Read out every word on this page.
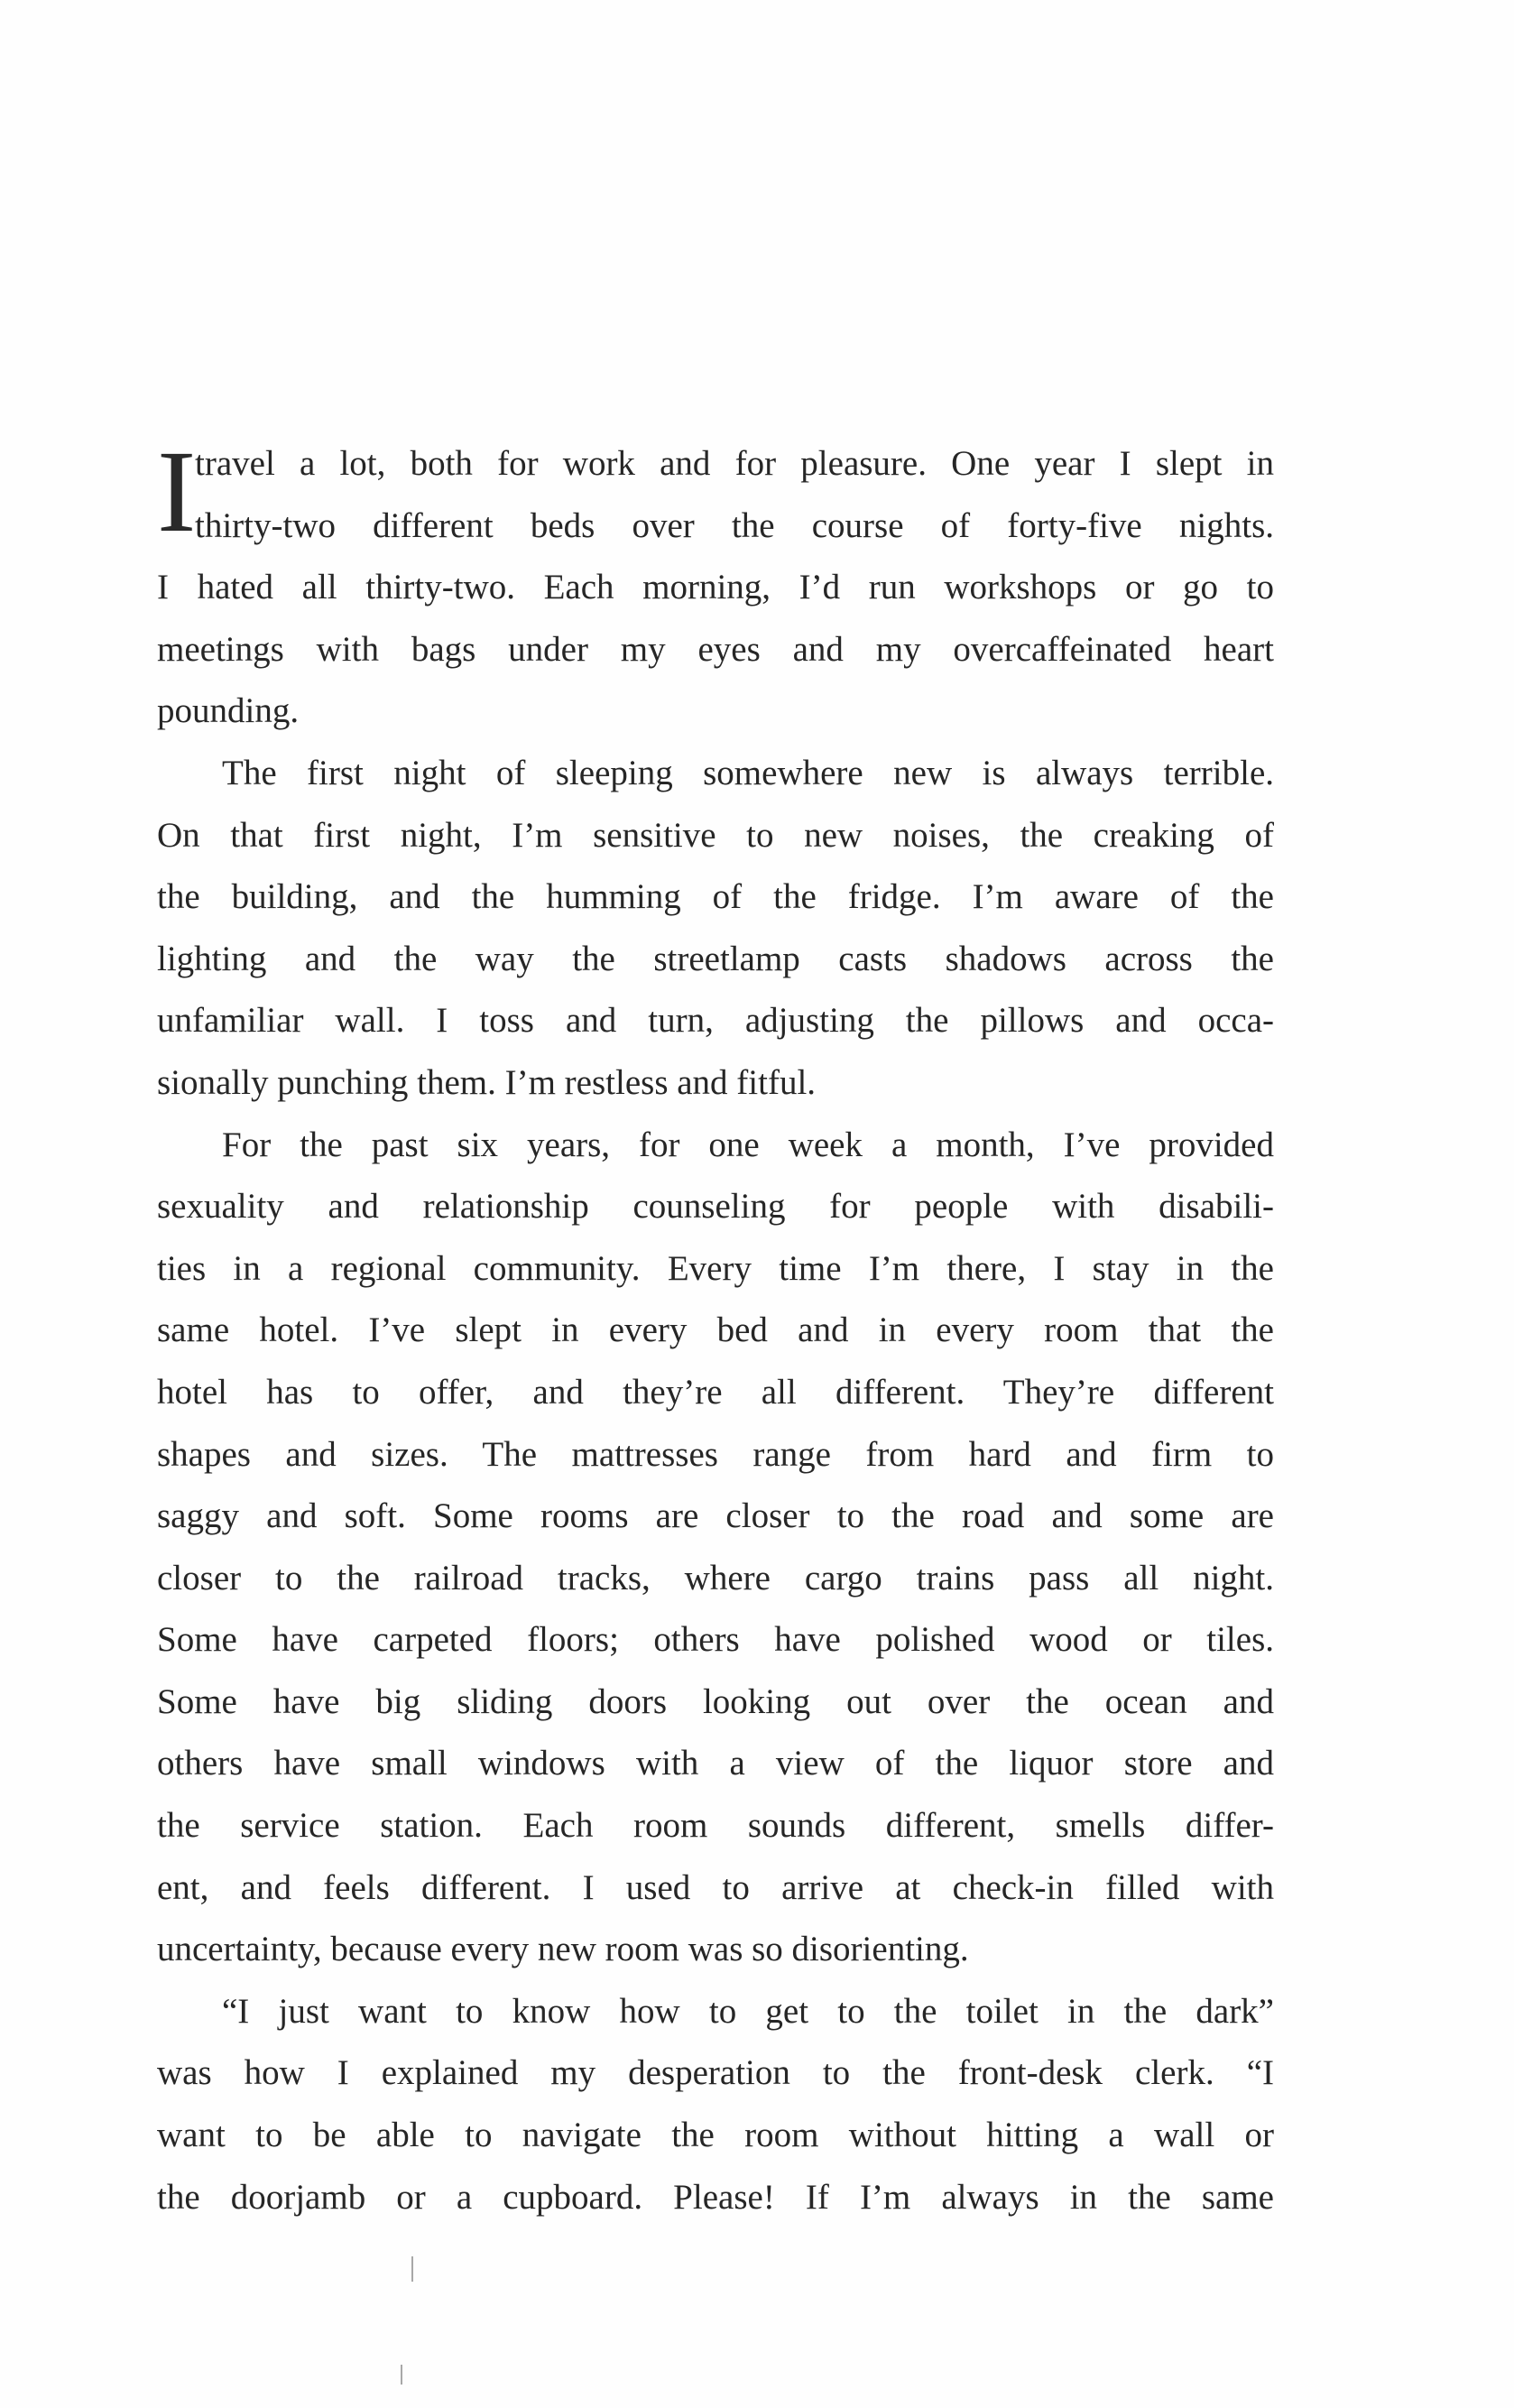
I
travel a lot, both for work and for pleasure. One year I slept in
thirty-two different beds over the course of forty-five nights.
I hated all thirty-two. Each morning, I’d run workshops or go to
meetings with bags under my eyes and my overcaffeinated heart
pounding.
The first night of sleeping somewhere new is always terrible.
On that first night, I’m sensitive to new noises, the creaking of
the building, and the humming of the fridge. I’m aware of the
lighting and the way the streetlamp casts shadows across the
unfamiliar wall. I toss and turn, adjusting the pillows and occa-
sionally punching them. I’m restless and fitful.
For the past six years, for one week a month, I’ve provided
sexuality and relationship counseling for people with disabili-
ties in a regional community. Every time I’m there, I stay in the
same hotel. I’ve slept in every bed and in every room that the
hotel has to offer, and they’re all different. They’re different
shapes and sizes. The mattresses range from hard and firm to
saggy and soft. Some rooms are closer to the road and some are
closer to the railroad tracks, where cargo trains pass all night.
Some have carpeted floors; others have polished wood or tiles.
Some have big sliding doors looking out over the ocean and
others have small windows with a view of the liquor store and
the service station. Each room sounds different, smells differ-
ent, and feels different. I used to arrive at check-in filled with
uncertainty, because every new room was so disorienting.
“I just want to know how to get to the toilet in the dark”
was how I explained my desperation to the front-desk clerk. “I
want to be able to navigate the room without hitting a wall or
the doorjamb or a cupboard. Please! If I’m always in the same
